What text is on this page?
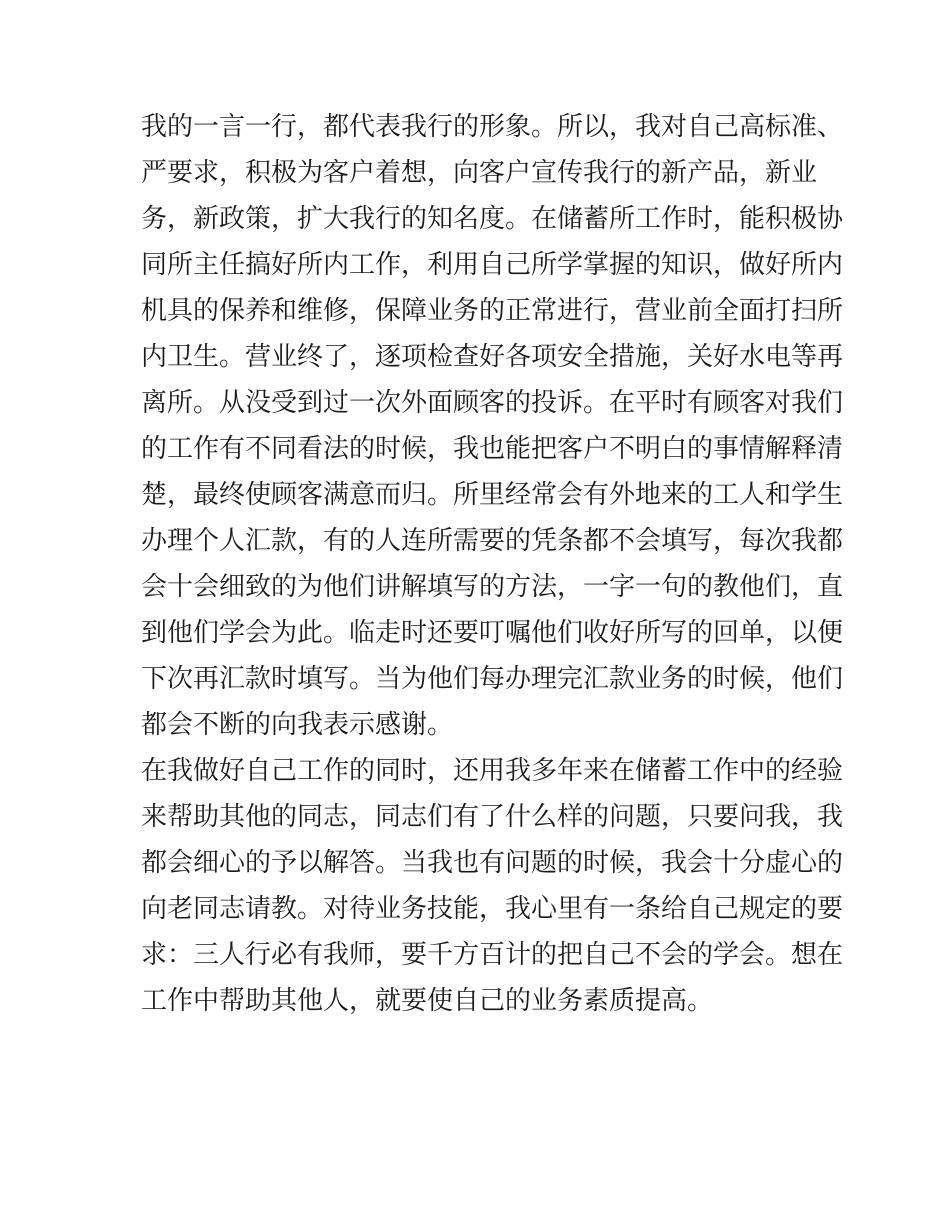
我的一言一行，都代表我行的形象。所以，我对自己高标准、
严要求，积极为客户着想，向客户宣传我行的新产品，新业
务，新政策，扩大我行的知名度。在储蓄所工作时，能积极协
同所主任搞好所内工作，利用自己所学掌握的知识，做好所内
机具的保养和维修，保障业务的正常进行，营业前全面打扫所
内卫生。营业终了，逐项检查好各项安全措施，关好水电等再
离所。从没受到过一次外面顾客的投诉。在平时有顾客对我们
的工作有不同看法的时候，我也能把客户不明白的事情解释清
楚，最终使顾客满意而归。所里经常会有外地来的工人和学生
办理个人汇款，有的人连所需要的凭条都不会填写，每次我都
会十会细致的为他们讲解填写的方法，一字一句的教他们，直
到他们学会为此。临走时还要叮嘱他们收好所写的回单，以便
下次再汇款时填写。当为他们每办理完汇款业务的时候，他们
都会不断的向我表示感谢。
在我做好自己工作的同时，还用我多年来在储蓄工作中的经验
来帮助其他的同志，同志们有了什么样的问题，只要问我，我
都会细心的予以解答。当我也有问题的时候，我会十分虚心的
向老同志请教。对待业务技能，我心里有一条给自己规定的要
求：三人行必有我师，要千方百计的把自己不会的学会。想在
工作中帮助其他人，就要使自己的业务素质提高。
